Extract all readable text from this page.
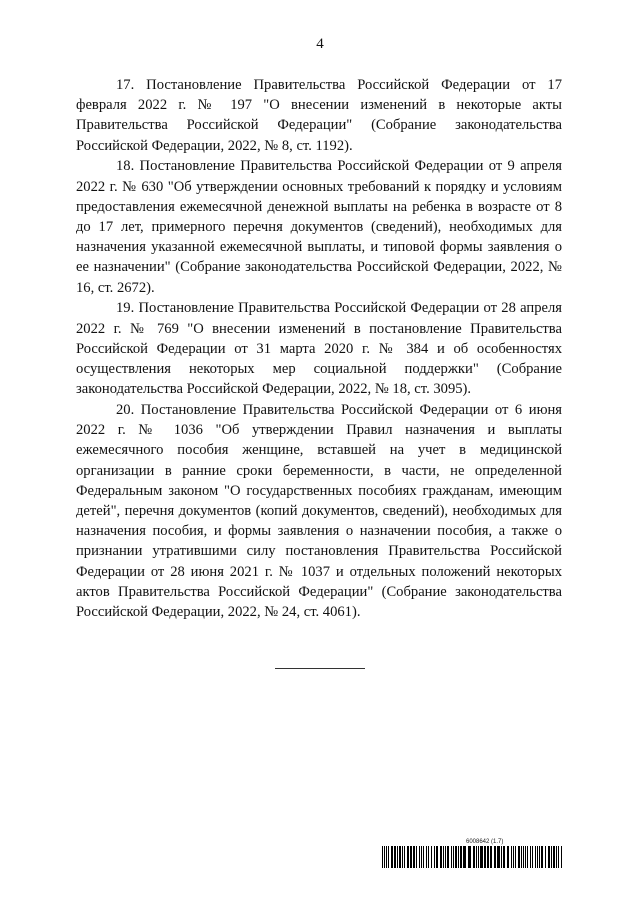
4

17. Постановление Правительства Российской Федерации от 17 февраля 2022 г. № 197 "О внесении изменений в некоторые акты Правительства Российской Федерации" (Собрание законодательства Российской Федерации, 2022, № 8, ст. 1192).

18. Постановление Правительства Российской Федерации от 9 апреля 2022 г. № 630 "Об утверждении основных требований к порядку и условиям предоставления ежемесячной денежной выплаты на ребенка в возрасте от 8 до 17 лет, примерного перечня документов (сведений), необходимых для назначения указанной ежемесячной выплаты, и типовой формы заявления о ее назначении" (Собрание законодательства Российской Федерации, 2022, № 16, ст. 2672).

19. Постановление Правительства Российской Федерации от 28 апреля 2022 г. № 769 "О внесении изменений в постановление Правительства Российской Федерации от 31 марта 2020 г. № 384 и об особенностях осуществления некоторых мер социальной поддержки" (Собрание законодательства Российской Федерации, 2022, № 18, ст. 3095).

20. Постановление Правительства Российской Федерации от 6 июня 2022 г. № 1036 "Об утверждении Правил назначения и выплаты ежемесячного пособия женщине, вставшей на учет в медицинской организации в ранние сроки беременности, в части, не определенной Федеральным законом "О государственных пособиях гражданам, имеющим детей", перечня документов (копий документов, сведений), необходимых для назначения пособия, и формы заявления о назначении пособия, а также о признании утратившими силу постановления Правительства Российской Федерации от 28 июня 2021 г. № 1037 и отдельных положений некоторых актов Правительства Российской Федерации" (Собрание законодательства Российской Федерации, 2022, № 24, ст. 4061).

6008642 (1.7)
